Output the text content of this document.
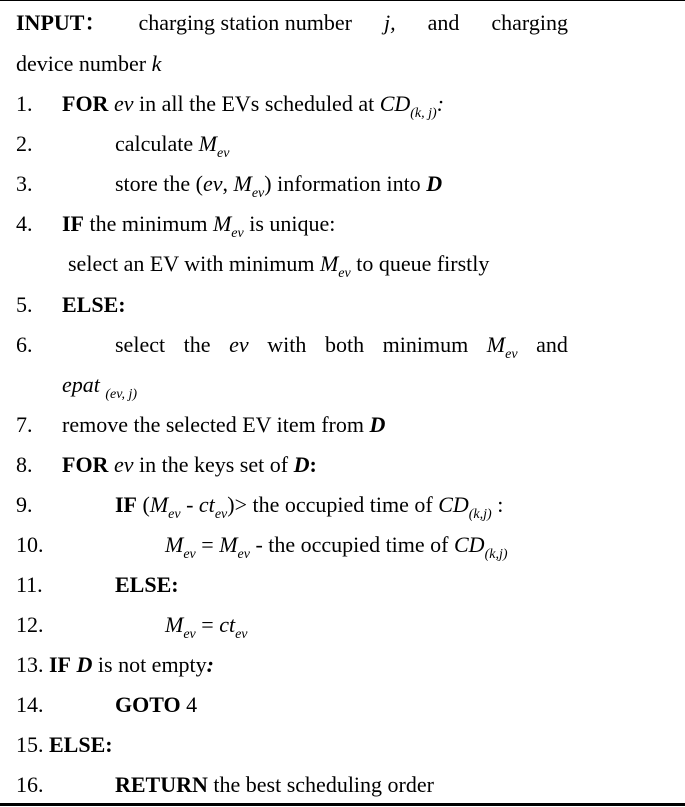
INPUT： charging station number j, and charging
device number k
1. FOR ev in all the EVs scheduled at $CD_{(k, j)}$:
2.	calculate $M_{ev}$
3.	store the (ev, $M_{ev}$) information into D
4. IF the minimum $M_{ev}$ is unique:
select an EV with minimum $M_{ev}$ to queue firstly
5. ELSE:
6.	select the ev with both minimum $M_{ev}$ and
epat $_{(ev, j)}$
7. remove the selected EV item from D
8. FOR ev in the keys set of D:
9.	IF $(M_{ev} - ct_{ev})>$ the occupied time of $CD_{(k,j)}$ :
10.	$M_{ev} = M_{ev}$ - the occupied time of $CD_{(k,j)}$
11.	ELSE:
12.	$M_{ev} = ct_{ev}$
13. IF D is not empty:
14.	GOTO 4
15. ELSE:
16.	RETURN the best scheduling order
